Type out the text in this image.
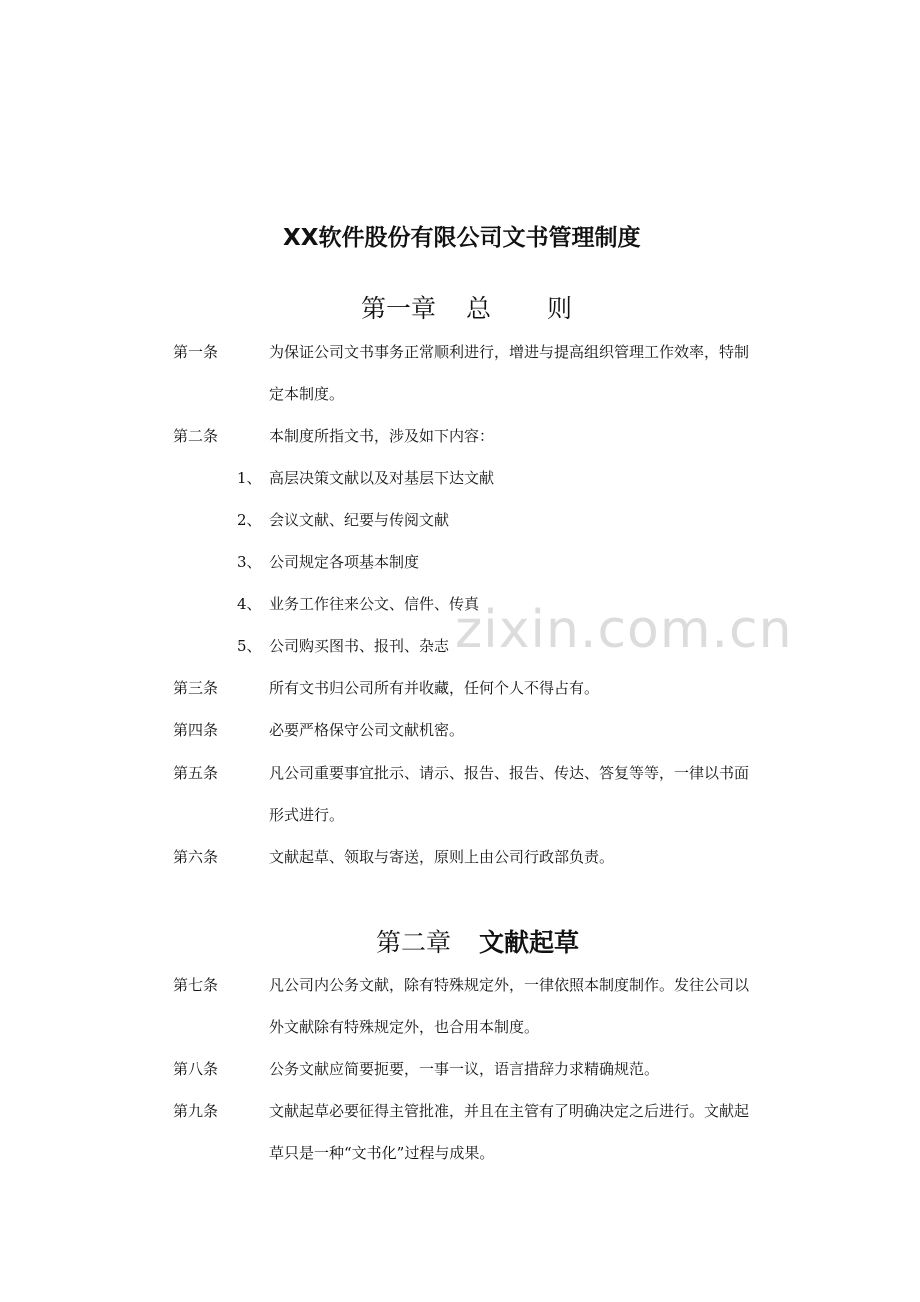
zixin.com.cn
XX软件股份有限公司文书管理制度
第一章 总 则
第一条	为保证公司文书事务正常顺利进行，增进与提高组织管理工作效率，特制
定本制度。
第二条	本制度所指文书，涉及如下内容：
1、 高层决策文献以及对基层下达文献
2、 会议文献、纪要与传阅文献
3、 公司规定各项基本制度
4、 业务工作往来公文、信件、传真
5、 公司购买图书、报刊、杂志
第三条	所有文书归公司所有并收藏，任何个人不得占有。
第四条	必要严格保守公司文献机密。
第五条	凡公司重要事宜批示、请示、报告、报告、传达、答复等等，一律以书面
形式进行。
第六条	文献起草、领取与寄送，原则上由公司行政部负责。
第二章 文献起草
第七条	凡公司内公务文献，除有特殊规定外，一律依照本制度制作。发往公司以
外文献除有特殊规定外，也合用本制度。
第八条	公务文献应简要扼要，一事一议，语言措辞力求精确规范。
第九条	文献起草必要征得主管批准，并且在主管有了明确决定之后进行。文献起
草只是一种“文书化”过程与成果。
